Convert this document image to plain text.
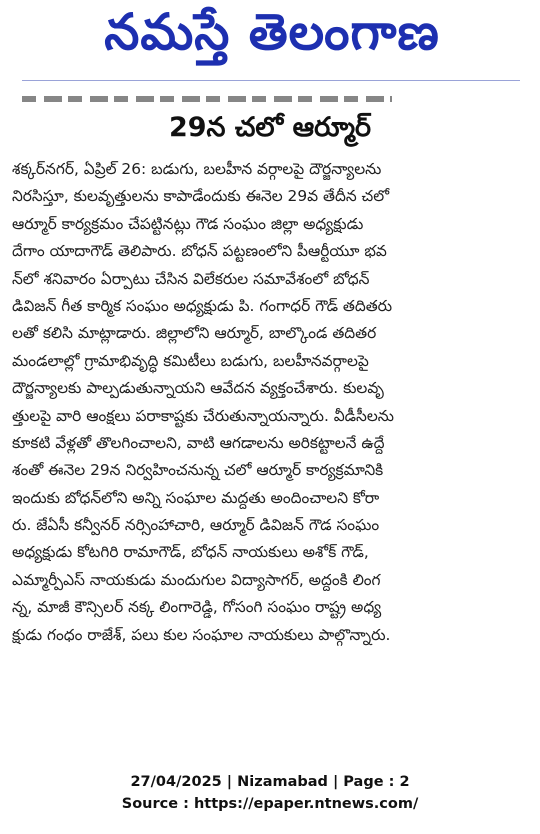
నమస్తే తెలంగాణ
29న చలో ఆర్మూర్
శక్కర్‌నగర్, ఏప్రిల్ 26: బడుగు, బలహీన వర్గాలపై దౌర్జన్యాలను
నిరసిస్తూ, కులవృత్తులను కాపాడేందుకు ఈనెల 29వ తేదీన చలో
ఆర్మూర్ కార్యక్రమం చేపట్టినట్లు గౌడ సంఘం జిల్లా అధ్యక్షుడు
దేగాం యాదాగౌడ్ తెలిపారు. బోధన్ పట్టణంలోని పీఆర్టీయూ భవ
న్‌లో శనివారం ఏర్పాటు చేసిన విలేకరుల సమావేశంలో బోధన్
డివిజన్ గీత కార్మిక సంఘం అధ్యక్షుడు పి. గంగాధర్ గౌడ్ తదితరు
లతో కలిసి మాట్లాడారు. జిల్లాలోని ఆర్మూర్, బాల్కొండ తదితర
మండలాల్లో గ్రామాభివృద్ధి కమిటీలు బడుగు, బలహీనవర్గాలపై
దౌర్జన్యాలకు పాల్పడుతున్నాయని ఆవేదన వ్యక్తంచేశారు. కులవృ
త్తులపై వారి ఆంక్షలు పరాకాష్టకు చేరుతున్నాయన్నారు. వీడీసీలను
కూకటి వేళ్లతో తొలగించాలని, వాటి ఆగడాలను అరికట్టాలనే ఉద్దే
శంతో ఈనెల 29న నిర్వహించనున్న చలో ఆర్మూర్ కార్యక్రమానికి
ఇందుకు బోధన్‌లోని అన్ని సంఘాల మద్దతు అందించాలని కోరా
రు. జేఏసీ కన్వీనర్ నర్సింహాచారి, ఆర్మూర్ డివిజన్ గౌడ సంఘం
అధ్యక్షుడు కోటగిరి రామాగౌడ్, బోధన్ నాయకులు అశోక్ గౌడ్,
ఎమ్మార్పీఎస్ నాయకుడు మందుగుల విద్యాసాగర్, అద్దంకి లింగ
న్న, మాజీ కౌన్సిలర్ నక్క లింగారెడ్డి, గోసంగి సంఘం రాష్ట్ర అధ్య
క్షుడు గంధం రాజేశ్, పలు కుల సంఘాల నాయకులు పాల్గొన్నారు.
27/04/2025 | Nizamabad | Page : 2
Source : https://epaper.ntnews.com/
